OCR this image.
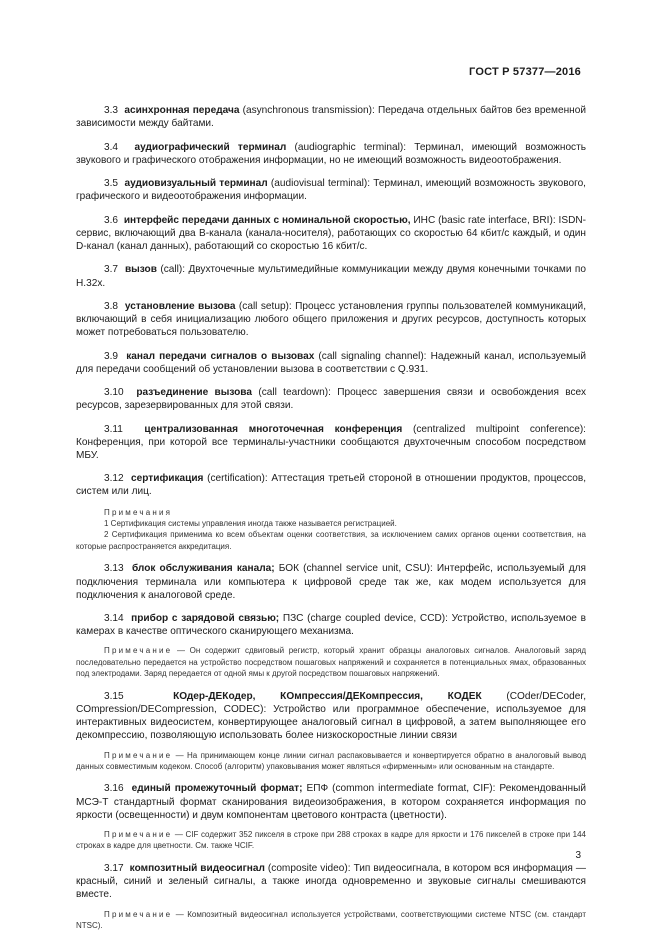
ГОСТ Р 57377—2016

3.3 асинхронная передача (asynchronous transmission): Передача отдельных байтов без временной зависимости между байтами.

3.4 аудиографический терминал (audiographic terminal): Терминал, имеющий возможность звукового и графического отображения информации, но не имеющий возможность видеоотображения.

3.5 аудиовизуальный терминал (audiovisual terminal): Терминал, имеющий возможность звукового, графического и видеоотображения информации.

3.6 интерфейс передачи данных с номинальной скоростью, ИНС (basic rate interface, BRI): ISDN-сервис, включающий два B-канала (канала-носителя), работающих со скоростью 64 кбит/с каждый, и один D-канал (канал данных), работающий со скоростью 16 кбит/с.

3.7 вызов (call): Двухточечные мультимедийные коммуникации между двумя конечными точками по H.32x.

3.8 установление вызова (call setup): Процесс установления группы пользователей коммуникаций, включающий в себя инициализацию любого общего приложения и других ресурсов, доступность которых может потребоваться пользователю.

3.9 канал передачи сигналов о вызовах (call signaling channel): Надежный канал, используемый для передачи сообщений об установлении вызова в соответствии с Q.931.

3.10 разъединение вызова (call teardown): Процесс завершения связи и освобождения всех ресурсов, зарезервированных для этой связи.

3.11 централизованная многоточечная конференция (centralized multipoint conference): Конференция, при которой все терминалы-участники сообщаются двухточечным способом посредством МБУ.

3.12 сертификация (certification): Аттестация третьей стороной в отношении продуктов, процессов, систем или лиц.

Примечания
1 Сертификация системы управления иногда также называется регистрацией.
2 Сертификация применима ко всем объектам оценки соответствия, за исключением самих органов оценки соответствия, на которые распространяется аккредитация.

3.13 блок обслуживания канала; БОК (channel service unit, CSU): Интерфейс, используемый для подключения терминала или компьютера к цифровой среде так же, как модем используется для подключения к аналоговой среде.

3.14 прибор с зарядовой связью; ПЗС (charge coupled device, CCD): Устройство, используемое в камерах в качестве оптического сканирующего механизма.

Примечание — Он содержит сдвиговый регистр, который хранит образцы аналоговых сигналов. Аналоговый заряд последовательно передается на устройство посредством пошаговых напряжений и сохраняется в потенциальных ямах, образованных под электродами. Заряд передается от одной ямы к другой посредством пошаговых напряжений.

3.15	КОдер-ДЕКодер, КОмпрессия/ДЕКомпрессия, КОДЕК (COder/DECoder, COmpression/DECompression, CODEC): Устройство или программное обеспечение, используемое для интерактивных видеосистем, конвертирующее аналоговый сигнал в цифровой, а затем выполняющее его декомпрессию, позволяющую использовать более низкоскоростные линии связи

Примечание — На принимающем конце линии сигнал распаковывается и конвертируется обратно в аналоговый вывод данных совместимым кодеком. Способ (алгоритм) упаковывания может являться «фирменным» или основанным на стандарте.

3.16 единый промежуточный формат; ЕПФ (common intermediate format, CIF): Рекомендованный МСЭ-Т стандартный формат сканирования видеоизображения, в котором сохраняется информация по яркости (освещенности) и двум компонентам цветового контраста (цветности).

Примечание — CIF содержит 352 пикселя в строке при 288 строках в кадре для яркости и 176 пикселей в строке при 144 строках в кадре для цветности. См. также ЧCIF.

3.17 композитный видеосигнал (composite video): Тип видеосигнала, в котором вся информация — красный, синий и зеленый сигналы, а также иногда одновременно и звуковые сигналы смешиваются вместе.

Примечание — Композитный видеосигнал используется устройствами, соответствующими системе NTSC (см. стандарт NTSC).

3
